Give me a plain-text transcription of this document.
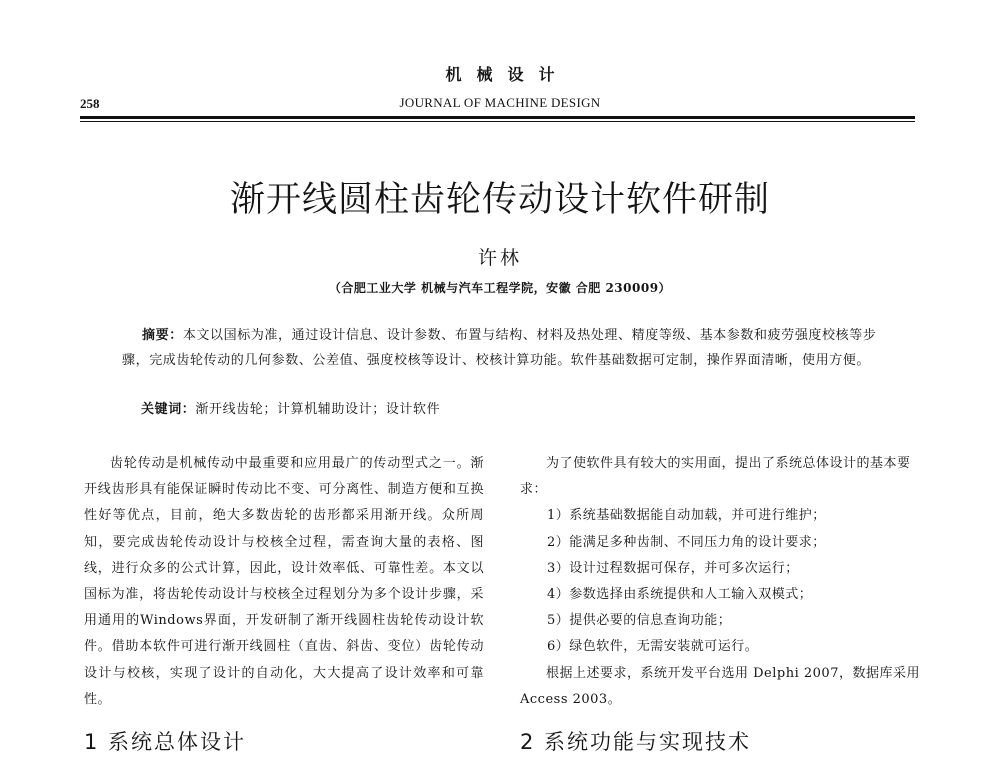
机械设计
258	JOURNAL OF MACHINE DESIGN
渐开线圆柱齿轮传动设计软件研制
许林
（合肥工业大学 机械与汽车工程学院，安徽 合肥 230009）
摘要：本文以国标为准，通过设计信息、设计参数、布置与结构、材料及热处理、精度等级、基本参数和疲劳强度校核等步骤，完成齿轮传动的几何参数、公差值、强度校核等设计、校核计算功能。软件基础数据可定制，操作界面清晰，使用方便。
关键词：渐开线齿轮；计算机辅助设计；设计软件
齿轮传动是机械传动中最重要和应用最广的传动型式之一。渐开线齿形具有能保证瞬时传动比不变、可分离性、制造方便和互换性好等优点，目前，绝大多数齿轮的齿形都采用渐开线。众所周知，要完成齿轮传动设计与校核全过程，需查询大量的表格、图线，进行众多的公式计算，因此，设计效率低、可靠性差。本文以国标为准，将齿轮传动设计与校核全过程划分为多个设计步骤，采用通用的Windows界面，开发研制了渐开线圆柱齿轮传动设计软件。借助本软件可进行渐开线圆柱（直齿、斜齿、变位）齿轮传动设计与校核，实现了设计的自动化，大大提高了设计效率和可靠性。
为了使软件具有较大的实用面，提出了系统总体设计的基本要求：
1）系统基础数据能自动加载，并可进行维护；
2）能满足多种齿制、不同压力角的设计要求；
3）设计过程数据可保存，并可多次运行；
4）参数选择由系统提供和人工输入双模式；
5）提供必要的信息查询功能；
6）绿色软件，无需安装就可运行。
根据上述要求，系统开发平台选用 Delphi 2007，数据库采用 Access 2003。
1 系统总体设计	2 系统功能与实现技术
